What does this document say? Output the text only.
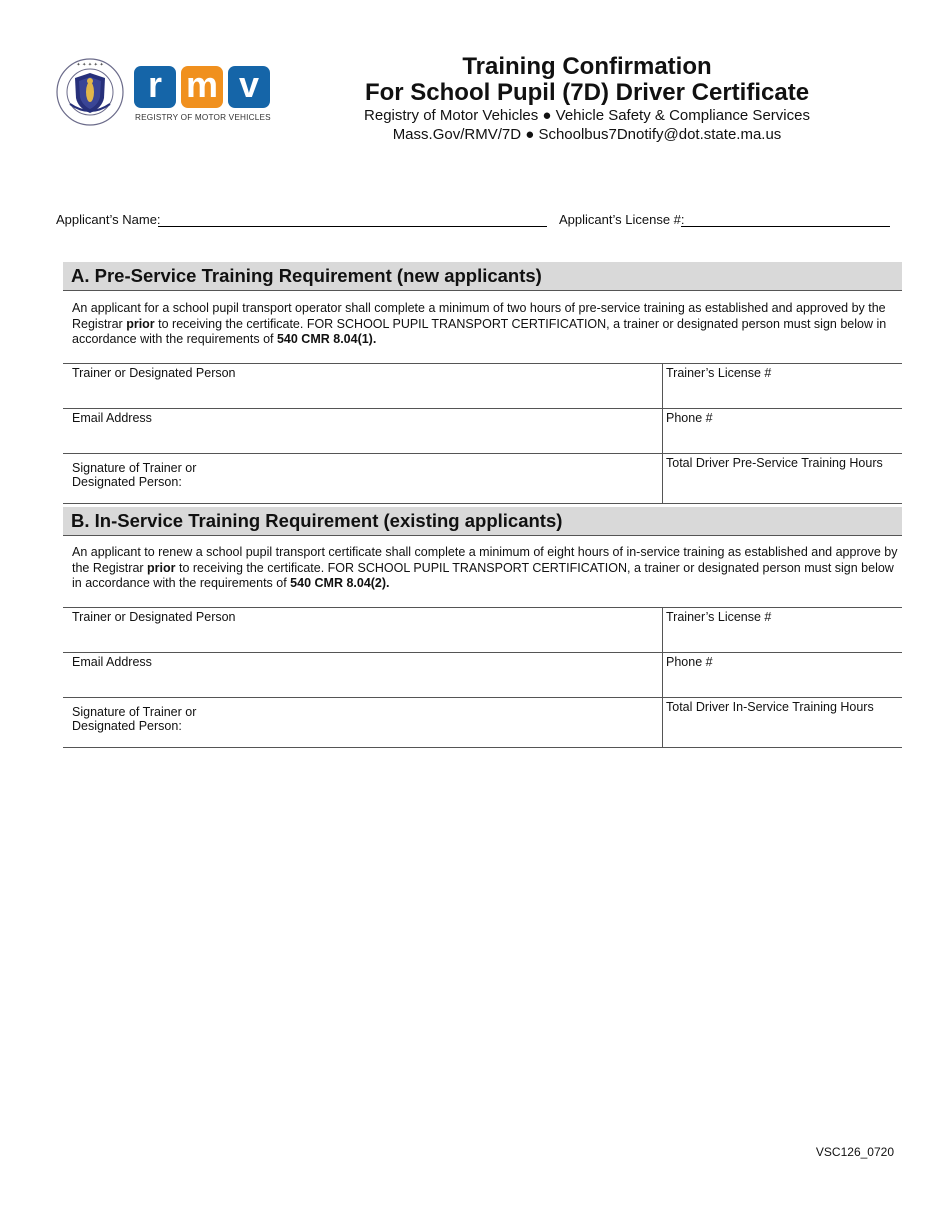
✦ ✦ ✦ ✦ ✦	r m v
REGISTRY OF MOTOR VEHICLES
Training Confirmation
For School Pupil (7D) Driver Certificate
Registry of Motor Vehicles ● Vehicle Safety & Compliance Services
Mass.Gov/RMV/7D ● Schoolbus7Dnotify@dot.state.ma.us
Applicant’s Name:	Applicant’s License #:
A. Pre-Service Training Requirement (new applicants)
An applicant for a school pupil transport operator shall complete a minimum of two hours of pre-service training as established and approved by the Registrar prior to receiving the certificate. FOR SCHOOL PUPIL TRANSPORT CERTIFICATION, a trainer or designated person must sign below in accordance with the requirements of 540 CMR 8.04(1).
Trainer or Designated Person	Trainer’s License #
Email Address	Phone #

Signature of Trainer or
Designated Person:	Total Driver Pre-Service Training Hours
B. In-Service Training Requirement (existing applicants)
An applicant to renew a school pupil transport certificate shall complete a minimum of eight hours of in-service training as established and approve by the Registrar prior to receiving the certificate. FOR SCHOOL PUPIL TRANSPORT CERTIFICATION, a trainer or designated person must sign below in accordance with the requirements of 540 CMR 8.04(2).
Trainer or Designated Person	Trainer’s License #
Email Address	Phone #

Signature of Trainer or
Designated Person:	Total Driver In-Service Training Hours
VSC126_0720
